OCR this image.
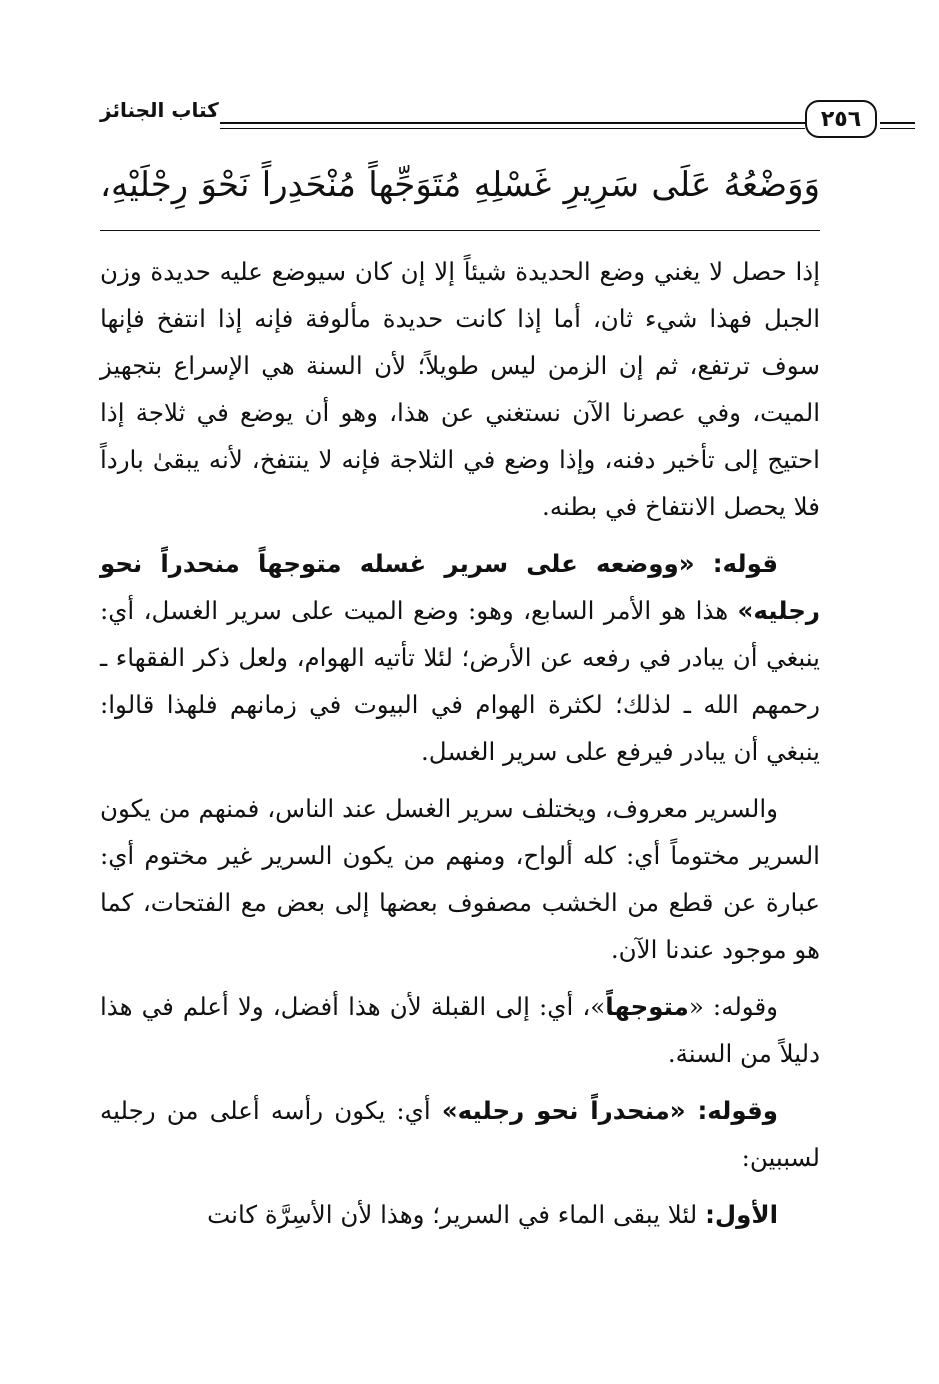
كتاب الجنائز	٢٥٦
وَوَضْعُهُ عَلَى سَرِيرِ غَسْلِهِ مُتَوَجِّهاً مُنْحَدِراً نَحْوَ رِجْلَيْهِ،

إذا حصل لا يغني وضع الحديدة شيئاً إلا إن كان سيوضع عليه حديدة وزن الجبل فهذا شيء ثان، أما إذا كانت حديدة مألوفة فإنه إذا انتفخ فإنها سوف ترتفع، ثم إن الزمن ليس طويلاً؛ لأن السنة هي الإسراع بتجهيز الميت، وفي عصرنا الآن نستغني عن هذا، وهو أن يوضع في ثلاجة إذا احتيج إلى تأخير دفنه، وإذا وضع في الثلاجة فإنه لا ينتفخ، لأنه يبقىٰ بارداً فلا يحصل الانتفاخ في بطنه.

قوله: «ووضعه على سرير غسله متوجهاً منحدراً نحو رجليه» هذا هو الأمر السابع، وهو: وضع الميت على سرير الغسل، أي: ينبغي أن يبادر في رفعه عن الأرض؛ لئلا تأتيه الهوام، ولعل ذكر الفقهاء ـ رحمهم الله ـ لذلك؛ لكثرة الهوام في البيوت في زمانهم فلهذا قالوا: ينبغي أن يبادر فيرفع على سرير الغسل.

والسرير معروف، ويختلف سرير الغسل عند الناس، فمنهم من يكون السرير مختوماً أي: كله ألواح، ومنهم من يكون السرير غير مختوم أي: عبارة عن قطع من الخشب مصفوف بعضها إلى بعض مع الفتحات، كما هو موجود عندنا الآن.

وقوله: «متوجهاً»، أي: إلى القبلة لأن هذا أفضل، ولا أعلم في هذا دليلاً من السنة.

وقوله: «منحدراً نحو رجليه» أي: يكون رأسه أعلى من رجليه لسببين:

الأول: لئلا يبقى الماء في السرير؛ وهذا لأن الأسِرَّة كانت
